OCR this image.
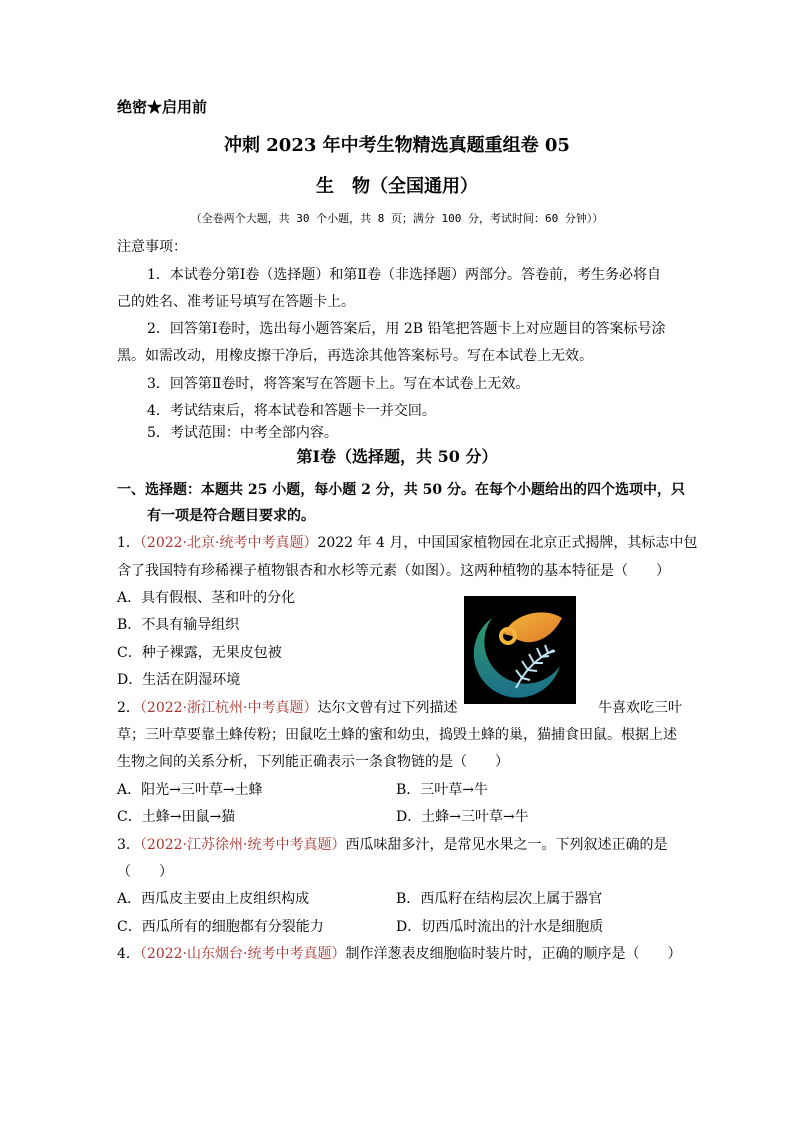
绝密★启用前
冲刺 2023 年中考生物精选真题重组卷 05
生　物（全国通用）
（全卷两个大题，共 30 个小题，共 8 页；满分 100 分，考试时间：60 分钟））
注意事项：
1．本试卷分第Ⅰ卷（选择题）和第Ⅱ卷（非选择题）两部分。答卷前，考生务必将自
己的姓名、准考证号填写在答题卡上。
2．回答第Ⅰ卷时，选出每小题答案后，用 2B 铅笔把答题卡上对应题目的答案标号涂
黑。如需改动，用橡皮擦干净后，再选涂其他答案标号。写在本试卷上无效。
3．回答第Ⅱ卷时，将答案写在答题卡上。写在本试卷上无效。
4．考试结束后，将本试卷和答题卡一并交回。
5．考试范围：中考全部内容。
第Ⅰ卷（选择题，共 50 分）
一、选择题：本题共 25 小题，每小题 2 分，共 50 分。在每个小题给出的四个选项中，只
有一项是符合题目要求的。
1．（2022·北京·统考中考真题）2022 年 4 月，中国国家植物园在北京正式揭牌，其标志中包
含了我国特有珍稀裸子植物银杏和水杉等元素（如图）。这两种植物的基本特征是（　　）
A．具有假根、茎和叶的分化
B．不具有输导组织
C．种子裸露，无果皮包被
D．生活在阴湿环境
2．（2022·浙江杭州·中考真题）达尔文曾有过下列描述	牛喜欢吃三叶
草；三叶草要靠土蜂传粉；田鼠吃土蜂的蜜和幼虫，捣毁土蜂的巢，猫捕食田鼠。根据上述
生物之间的关系分析，下列能正确表示一条食物链的是（　　）
A．阳光→三叶草→土蜂	B．三叶草→牛
C．土蜂→田鼠→猫	D．土蜂→三叶草→牛
3．（2022·江苏徐州·统考中考真题）西瓜味甜多汁，是常见水果之一。下列叙述正确的是
（　　）
A．西瓜皮主要由上皮组织构成	B．西瓜籽在结构层次上属于器官
C．西瓜所有的细胞都有分裂能力	D．切西瓜时流出的汁水是细胞质
4．（2022·山东烟台·统考中考真题）制作洋葱表皮细胞临时装片时，正确的顺序是（　　）
